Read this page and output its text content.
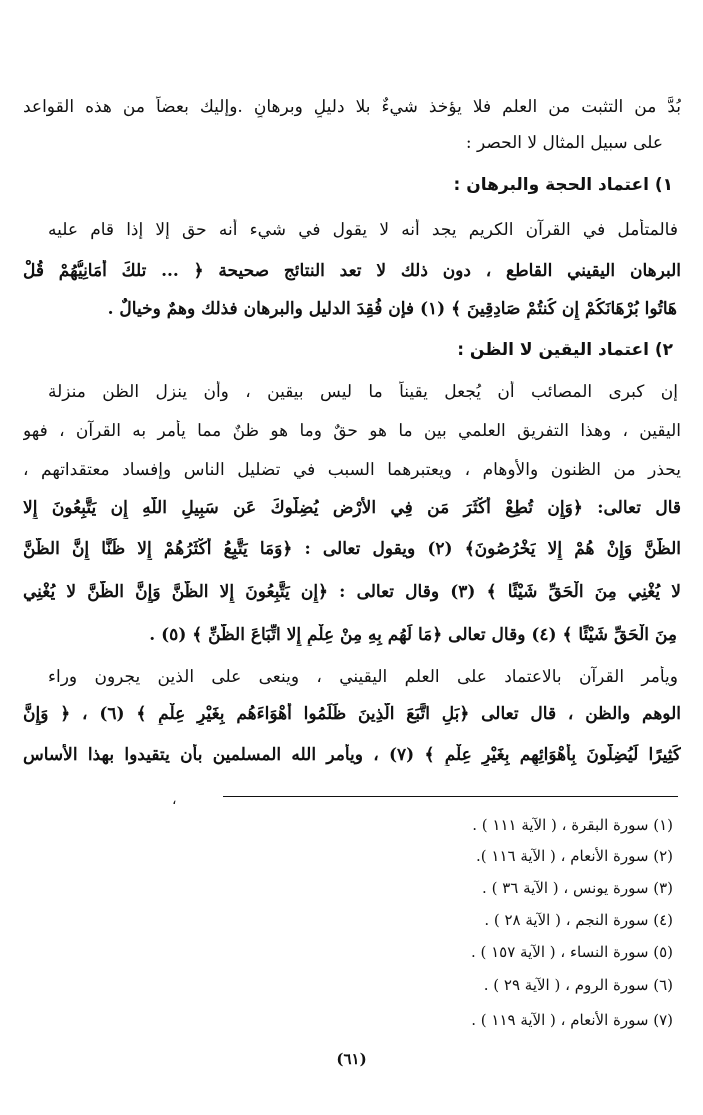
بُدَّ من التثبت من العلم فلا يؤخذ شيءٌ بلا دليلٍ وبرهانٍ .وإليك بعضاً من هذه القواعد
على سبيل المثال لا الحصر :
١) اعتماد الحجة والبرهان :
فالمتأمل في القرآن الكريم يجد أنه لا يقول في شيء أنه حق إلا إذا قام عليه
البرهان اليقيني القاطع ، دون ذلك لا تعد النتائج صحيحة ﴿ ... تلكَ أَمَانِيُّهُمْ قُلْ
هَاتُوا بُرْهَانَكُمْ إِن كُنتُمْ صَادِقِينَ ﴾ (١) فإن فُقِدَ الدليل والبرهان فذلك وهمٌ وخيالٌ .
٢) اعتماد اليقين لا الظن :
إن كبرى المصائب أن يُجعل يقيناً ما ليس بيقين ، وأن ينزل الظن منزلة
اليقين ، وهذا التفريق العلمي بين ما هو حقٌ وما هو ظنٌ مما يأمر به القرآن ، فهو
يحذر من الظنون والأوهام ، ويعتبرهما السبب في تضليل الناس وإفساد معتقداتهم ،
قال تعالى: ﴿وَإِن تُطِعْ أَكْثَرَ مَن فِي الأَرْضِ يُضِلُّوكَ عَن سَبِيلِ اللَّهِ إِن يَتَّبِعُونَ إِلا
الظَّنَّ وَإِنْ هُمْ إِلا يَخْرُصُونَ﴾ (٢) ويقول تعالى : ﴿وَمَا يَتَّبِعُ أَكْثَرُهُمْ إِلا ظَنًّا إِنَّ الظَّنَّ
لا يُغْنِي مِنَ الْحَقِّ شَيْئًا ﴾ (٣) وقال تعالى : ﴿إِن يَتَّبِعُونَ إِلا الظَّنَّ وَإِنَّ الظَّنَّ لا يُغْنِي
مِنَ الْحَقِّ شَيْئًا ﴾ (٤) وقال تعالى ﴿مَا لَهُم بِهِ مِنْ عِلْمٍ إِلا اتِّبَاعَ الظَّنِّ ﴾ (٥) .
ويأمر القرآن بالاعتماد على العلم اليقيني ، وينعى على الذين يجرون وراء
الوهم والظن ، قال تعالى ﴿بَلِ اتَّبَعَ الَّذِينَ ظَلَمُوا أَهْوَاءَهُم بِغَيْرِ عِلْمٍ ﴾ (٦) ، ﴿ وَإِنَّ
كَثِيرًا لَيُضِلُّونَ بِأَهْوَائِهِم بِغَيْرِ عِلْمٍ ﴾ (٧) ، ويأمر الله المسلمين بأن يتقيدوا بهذا الأساس
،
(١) سورة البقرة ، ( الآية ١١١ ) .
(٢) سورة الأنعام ، ( الآية ١١٦ ).
(٣) سورة يونس ، ( الآية ٣٦ ) .
(٤) سورة النجم ، ( الآية ٢٨ ) .
(٥) سورة النساء ، ( الآية ١٥٧ ) .
(٦) سورة الروم ، ( الآية ٢٩ ) .
(٧) سورة الأنعام ، ( الآية ١١٩ ) .
(٦١)
